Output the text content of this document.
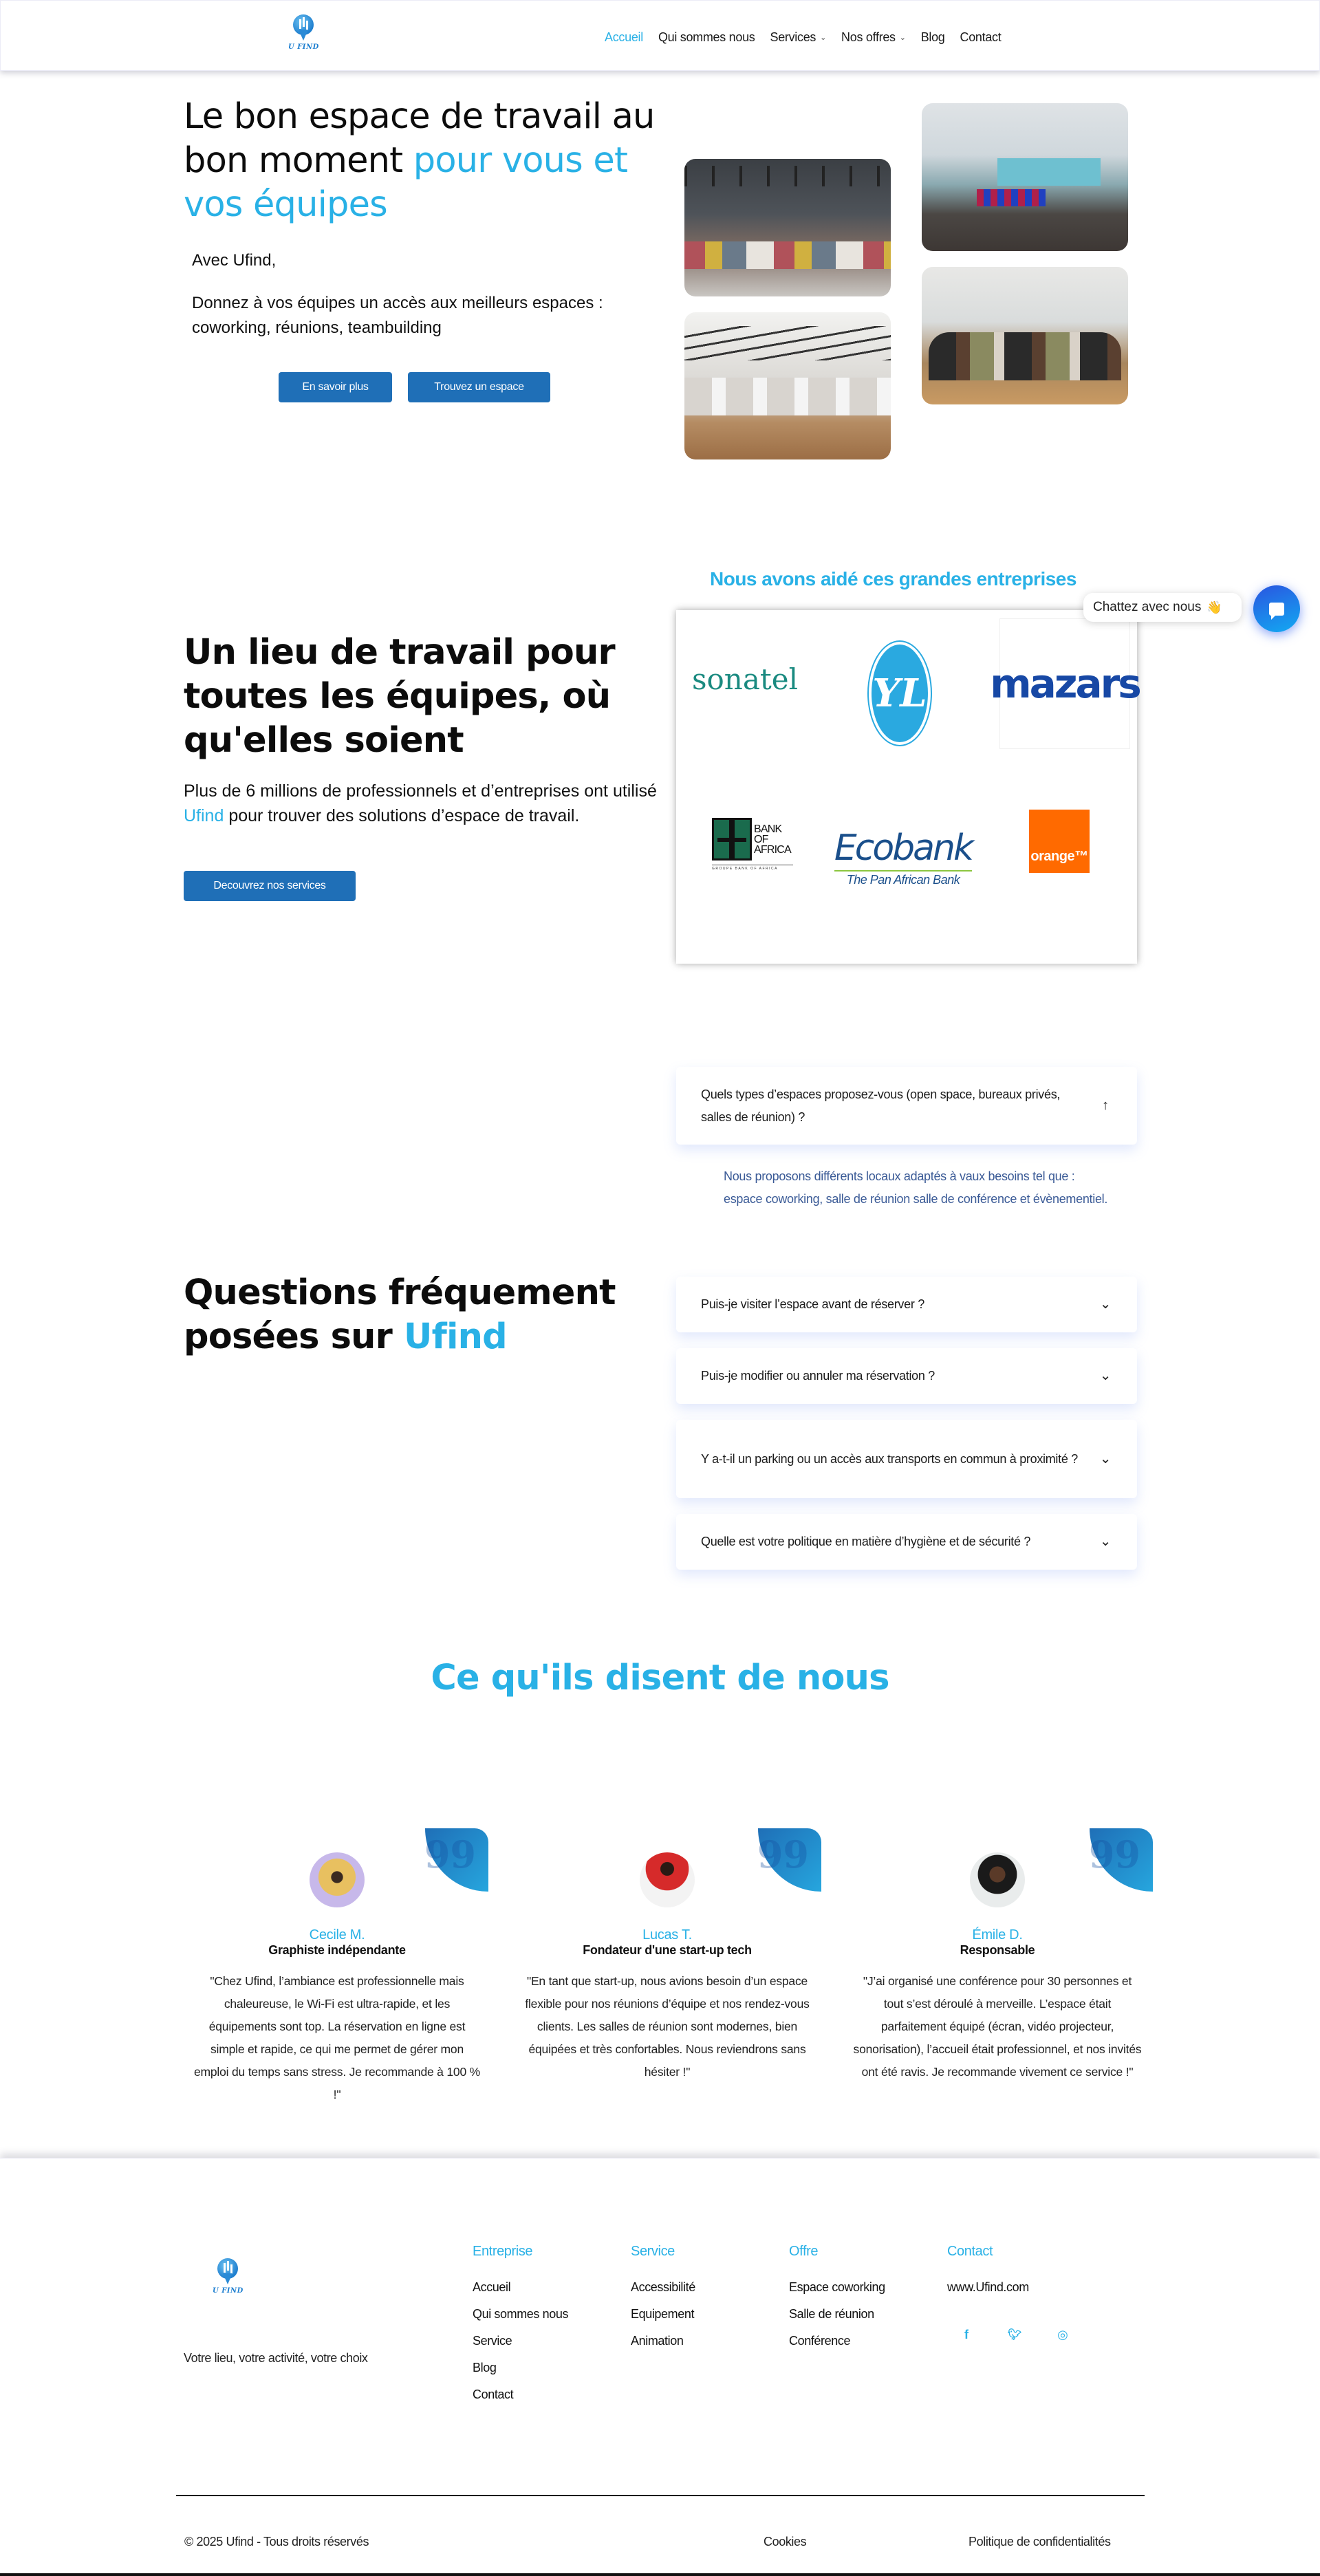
U FIND
Accueil Qui sommes nous Services ⌄ Nos offres ⌄ Blog Contact
Le bon espace de travail au bon moment pour vous et vos équipes

Avec Ufind,

Donnez à vos équipes un accès aux meilleurs espaces : coworking, réunions, teambuilding

En savoir plus	Trouvez un espace
Un lieu de travail pour toutes les équipes, où qu'elles soient

Plus de 6 millions de professionnels et d’entreprises ont utilisé Ufind pour trouver des solutions d’espace de travail.

Decouvrez nos services
Nous avons aidé ces grandes entreprises
sonatel YL mazars
BANK
OF
AFRICA
GROUPE BANK OF AFRICA	Ecobank
The Pan African Bank
orange™
Chattez avec nous 👋
Questions fréquement posées sur Ufind
Quels types d’espaces proposez-vous (open space, bureaux privés, salles de réunion) ?
↑

Nous proposons différents locaux adaptés à vaux besoins tel que : espace coworking, salle de réunion salle de conférence et évènementiel.

Puis-je visiter l’espace avant de réserver ?	⌄
Puis-je modifier ou annuler ma réservation ?	⌄
Y a-t-il un parking ou un accès aux transports en commun à proximité ?	⌄
Quelle est votre politique en matière d’hygiène et de sécurité ?	⌄
Ce qu'ils disent de nous
99
Cecile M.
Graphiste indépendante

"Chez Ufind, l’ambiance est professionnelle mais chaleureuse, le Wi-Fi est ultra-rapide, et les équipements sont top. La réservation en ligne est simple et rapide, ce qui me permet de gérer mon emploi du temps sans stress. Je recommande à 100 % !"

99
Lucas T.
Fondateur d'une start-up tech

"En tant que start-up, nous avions besoin d’un espace flexible pour nos réunions d’équipe et nos rendez-vous clients. Les salles de réunion sont modernes, bien équipées et très confortables. Nous reviendrons sans hésiter !"

99
Émile D.
Responsable

"J’ai organisé une conférence pour 30 personnes et tout s’est déroulé à merveille. L’espace était parfaitement équipé (écran, vidéo projecteur, sonorisation), l’accueil était professionnel, et nos invités ont été ravis. Je recommande vivement ce service !"

U FIND

Votre lieu, votre activité, votre choix

Entreprise
Accueil
Qui sommes nous
Service
Blog
Contact
Service
Accessibilité
Equipement
Animation
Offre
Espace coworking
Salle de réunion
Conférence
Contact
www.Ufind.com
f	🐦︎	◎

© 2025 Ufind - Tous droits réservés	Cookies	Politique de confidentialités
